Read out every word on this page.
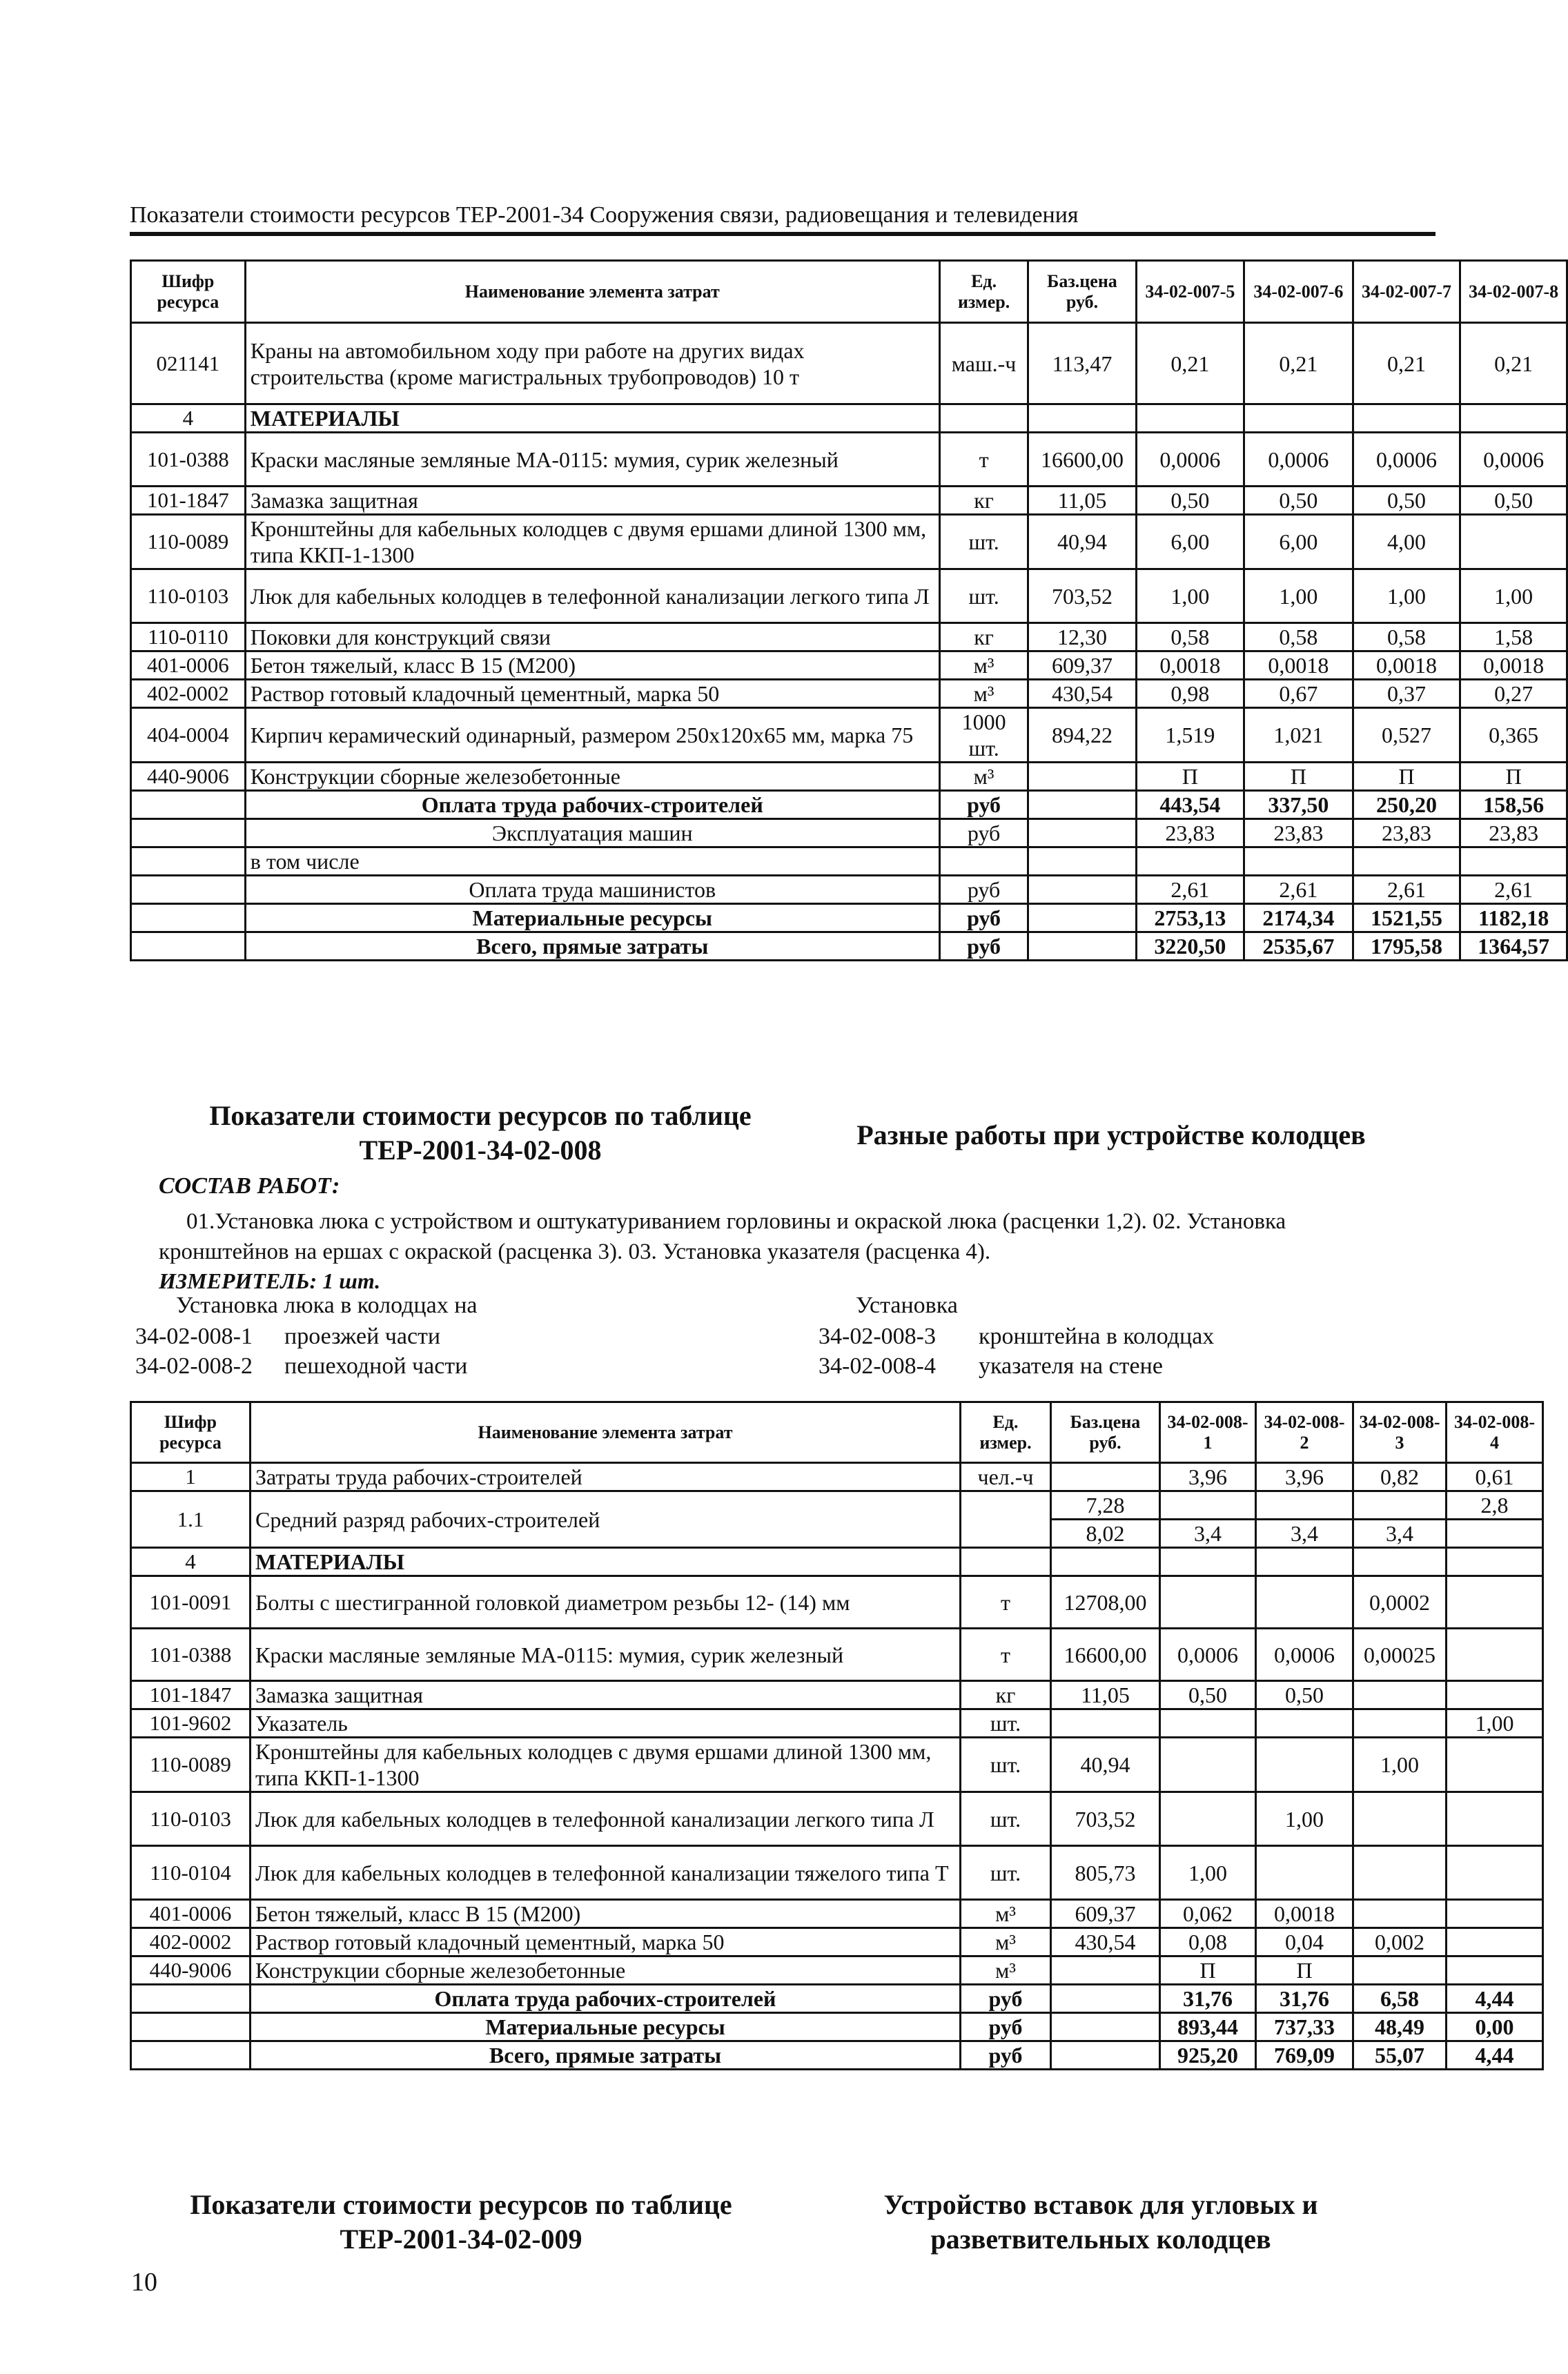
Показатели стоимости ресурсов ТЕР-2001-34 Сооружения связи, радиовещания и телевидения
Шифр ресурса	Наименование элемента затрат	Ед. измер.	Баз.цена руб.	34-02-007-5	34-02-007-6	34-02-007-7	34-02-007-8
021141	Краны на автомобильном ходу при работе на других видах строительства (кроме магистральных трубопроводов) 10 т	маш.-ч	113,47	0,21	0,21	0,21	0,21
4	МАТЕРИАЛЫ						
101-0388	Краски масляные земляные МА-0115: мумия, сурик железный	т	16600,00	0,0006	0,0006	0,0006	0,0006
101-1847	Замазка защитная	кг	11,05	0,50	0,50	0,50	0,50
110-0089	Кронштейны для кабельных колодцев с двумя ершами длиной 1300 мм, типа ККП-1-1300	шт.	40,94	6,00	6,00	4,00	
110-0103	Люк для кабельных колодцев в телефонной канализации легкого типа Л	шт.	703,52	1,00	1,00	1,00	1,00
110-0110	Поковки для конструкций связи	кг	12,30	0,58	0,58	0,58	1,58
401-0006	Бетон тяжелый, класс В 15 (М200)	м³	609,37	0,0018	0,0018	0,0018	0,0018
402-0002	Раствор готовый кладочный цементный, марка 50	м³	430,54	0,98	0,67	0,37	0,27
404-0004	Кирпич керамический одинарный, размером 250х120х65 мм, марка 75	1000 шт.	894,22	1,519	1,021	0,527	0,365
440-9006	Конструкции сборные железобетонные	м³		П	П	П	П
	Оплата труда рабочих-строителей	руб		443,54	337,50	250,20	158,56
	Эксплуатация машин	руб		23,83	23,83	23,83	23,83
	в том числе						
	Оплата труда машинистов	руб		2,61	2,61	2,61	2,61
	Материальные ресурсы	руб		2753,13	2174,34	1521,55	1182,18
	Всего, прямые затраты	руб		3220,50	2535,67	1795,58	1364,57
Показатели стоимости ресурсов по таблице ТЕР-2001-34-02-008	Разные работы при устройстве колодцев
СОСТАВ РАБОТ:
01.Установка люка с устройством и оштукатуриванием горловины и окраской люка (расценки 1,2). 02. Установка кронштейнов на ершах с окраской (расценка 3). 03. Установка указателя (расценка 4).
ИЗМЕРИТЕЛЬ: 1 шт.
Установка люка в колодцах на
34-02-008-1 проезжей части
34-02-008-2 пешеходной части
Установка
34-02-008-3 кронштейна в колодцах
34-02-008-4 указателя на стене
Шифр ресурса	Наименование элемента затрат	Ед. измер.	Баз.цена руб.	34-02-008-1	34-02-008-2	34-02-008-3	34-02-008-4
1	Затраты труда рабочих-строителей	чел.-ч		3,96	3,96	0,82	0,61
1.1	Средний разряд рабочих-строителей		7,28				2,8
			8,02	3,4	3,4	3,4	
4	МАТЕРИАЛЫ						
101-0091	Болты с шестигранной головкой диаметром резьбы 12- (14) мм	т	12708,00			0,0002	
101-0388	Краски масляные земляные МА-0115: мумия, сурик железный	т	16600,00	0,0006	0,0006	0,00025	
101-1847	Замазка защитная	кг	11,05	0,50	0,50		
101-9602	Указатель	шт.					1,00
110-0089	Кронштейны для кабельных колодцев с двумя ершами длиной 1300 мм, типа ККП-1-1300	шт.	40,94			1,00	
110-0103	Люк для кабельных колодцев в телефонной канализации легкого типа Л	шт.	703,52		1,00		
110-0104	Люк для кабельных колодцев в телефонной канализации тяжелого типа Т	шт.	805,73	1,00			
401-0006	Бетон тяжелый, класс В 15 (М200)	м³	609,37	0,062	0,0018		
402-0002	Раствор готовый кладочный цементный, марка 50	м³	430,54	0,08	0,04	0,002	
440-9006	Конструкции сборные железобетонные	м³		П	П		
	Оплата труда рабочих-строителей	руб		31,76	31,76	6,58	4,44
	Материальные ресурсы	руб		893,44	737,33	48,49	0,00
	Всего, прямые затраты	руб		925,20	769,09	55,07	4,44
Показатели стоимости ресурсов по таблице ТЕР-2001-34-02-009
Устройство вставок для угловых и разветвительных колодцев
10
